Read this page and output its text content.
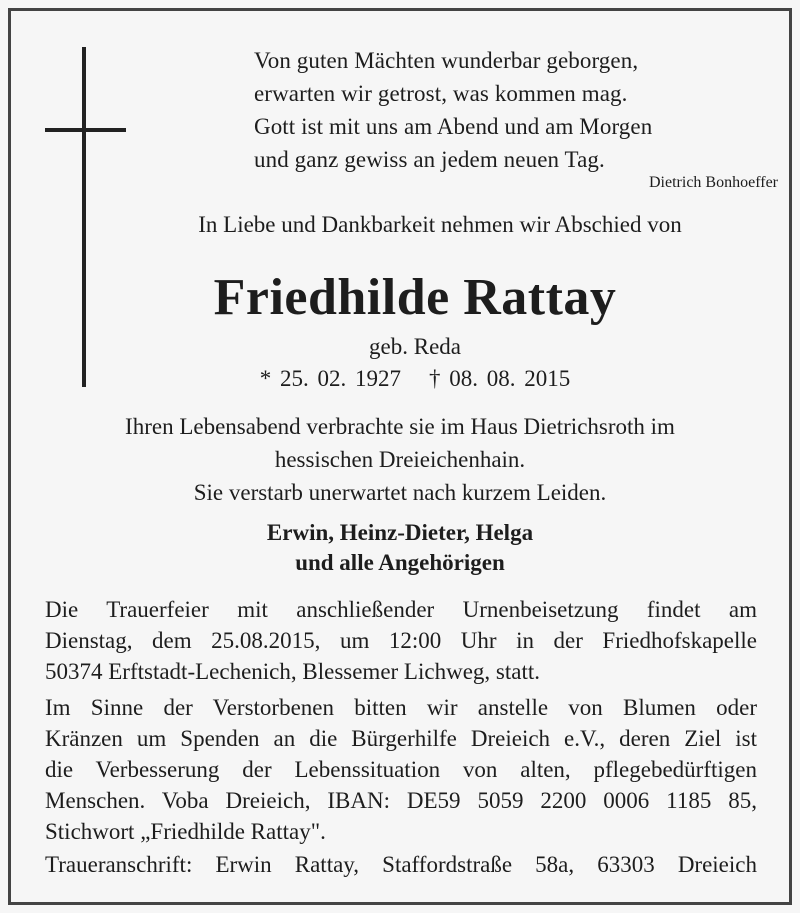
Von guten Mächten wunderbar geborgen,
erwarten wir getrost, was kommen mag.
Gott ist mit uns am Abend und am Morgen
und ganz gewiss an jedem neuen Tag.
Dietrich Bonhoeffer
In Liebe und Dankbarkeit nehmen wir Abschied von
Friedhilde Rattay
geb. Reda
* 25. 02. 1927 † 08. 08. 2015
Ihren Lebensabend verbrachte sie im Haus Dietrichsroth im
hessischen Dreieichenhain.
Sie verstarb unerwartet nach kurzem Leiden.
Erwin, Heinz-Dieter, Helga
und alle Angehörigen
Die Trauerfeier mit anschließender Urnenbeisetzung findet am
Dienstag, dem 25.08.2015, um 12:00 Uhr in der Friedhofskapelle
50374 Erftstadt-Lechenich, Blessemer Lichweg, statt.
Im Sinne der Verstorbenen bitten wir anstelle von Blumen oder
Kränzen um Spenden an die Bürgerhilfe Dreieich e.V., deren Ziel ist
die Verbesserung der Lebenssituation von alten, pflegebedürftigen
Menschen. Voba Dreieich, IBAN: DE59 5059 2200 0006 1185 85,
Stichwort „Friedhilde Rattay".
Traueranschrift: Erwin Rattay, Staffordstraße 58a, 63303 Dreieich
